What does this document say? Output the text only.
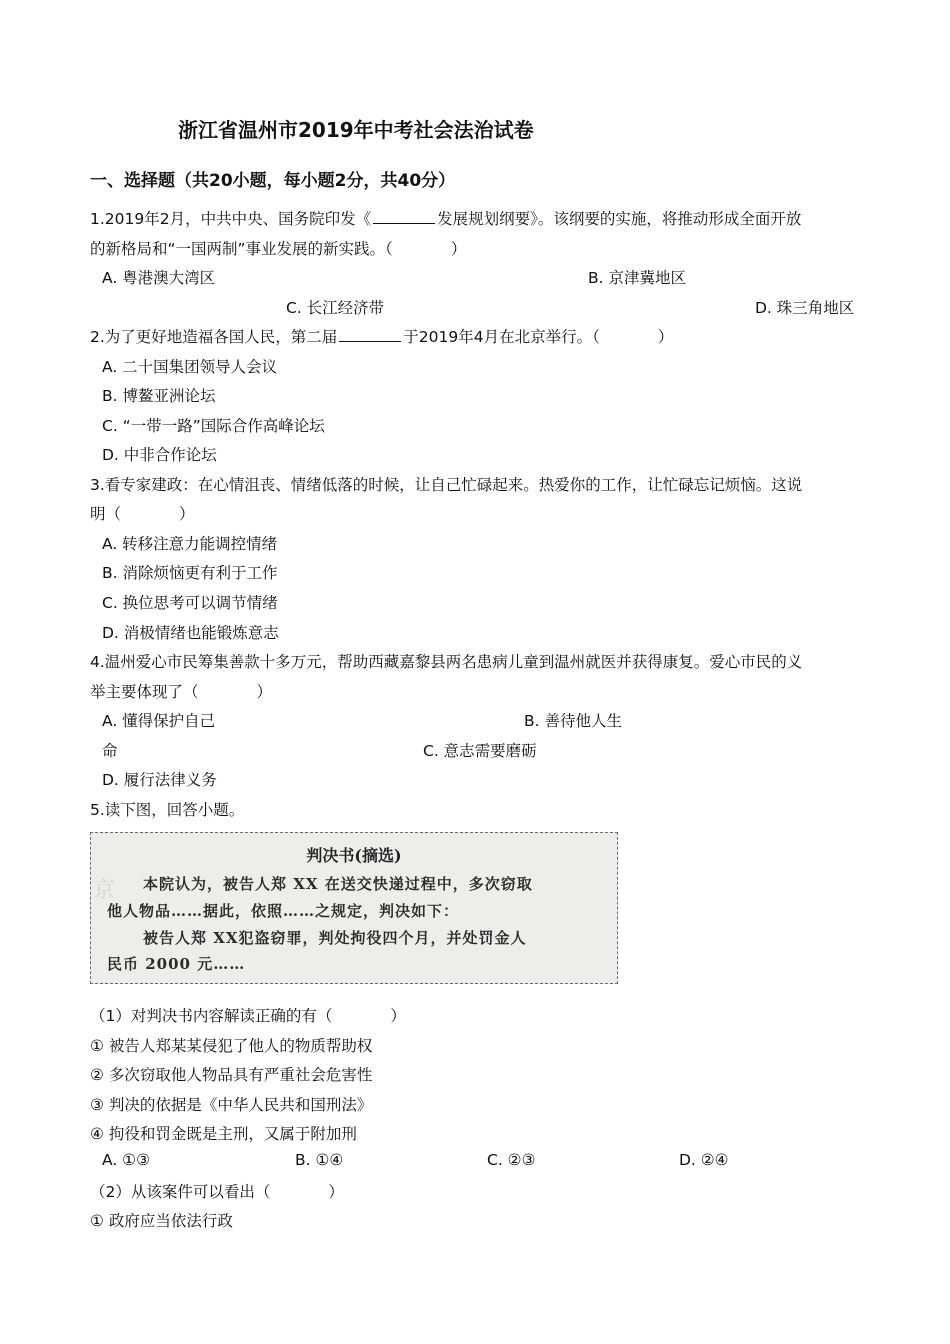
浙江省温州市2019年中考社会法治试卷
一、选择题（共20小题，每小题2分，共40分）
1.2019年2月，中共中央、国务院印发《	发展规划纲要》。该纲要的实施，将推动形成全面开放
的新格局和“一国两制”事业发展的新实践。（	）
A. 粤港澳大湾区	B. 京津冀地区
C. 长江经济带	D. 珠三角地区
2.为了更好地造福各国人民，第二届	于2019年4月在北京举行。（	）
A. 二十国集团领导人会议
B. 博鳌亚洲论坛
C. “一带一路”国际合作高峰论坛
D. 中非合作论坛
3.看专家建政：在心情沮丧、情绪低落的时候，让自己忙碌起来。热爱你的工作，让忙碌忘记烦恼。这说
明（	）
A. 转移注意力能调控情绪
B. 消除烦恼更有利于工作
C. 换位思考可以调节情绪
D. 消极情绪也能锻炼意志
4.温州爱心市民筹集善款十多万元，帮助西藏嘉黎县两名患病儿童到温州就医并获得康复。爱心市民的义
举主要体现了（	）
A. 懂得保护自己	B. 善待他人生
命	C. 意志需要磨砺
D. 履行法律义务
5.读下图，回答小题。
京
判决书(摘选)
本院认为，被告人郑 XX 在送交快递过程中，多次窃取
他人物品……据此，依照……之规定，判决如下：
被告人郑 XX犯盗窃罪，判处拘役四个月，并处罚金人
民币 2000 元……
（1）对判决书内容解读正确的有（	）
① 被告人郑某某侵犯了他人的物质帮助权
② 多次窃取他人物品具有严重社会危害性
③ 判决的依据是《中华人民共和国刑法》
④ 拘役和罚金既是主刑，又属于附加刑
A. ①③	B. ①④	C. ②③	D. ②④
（2）从该案件可以看出（	）
① 政府应当依法行政
